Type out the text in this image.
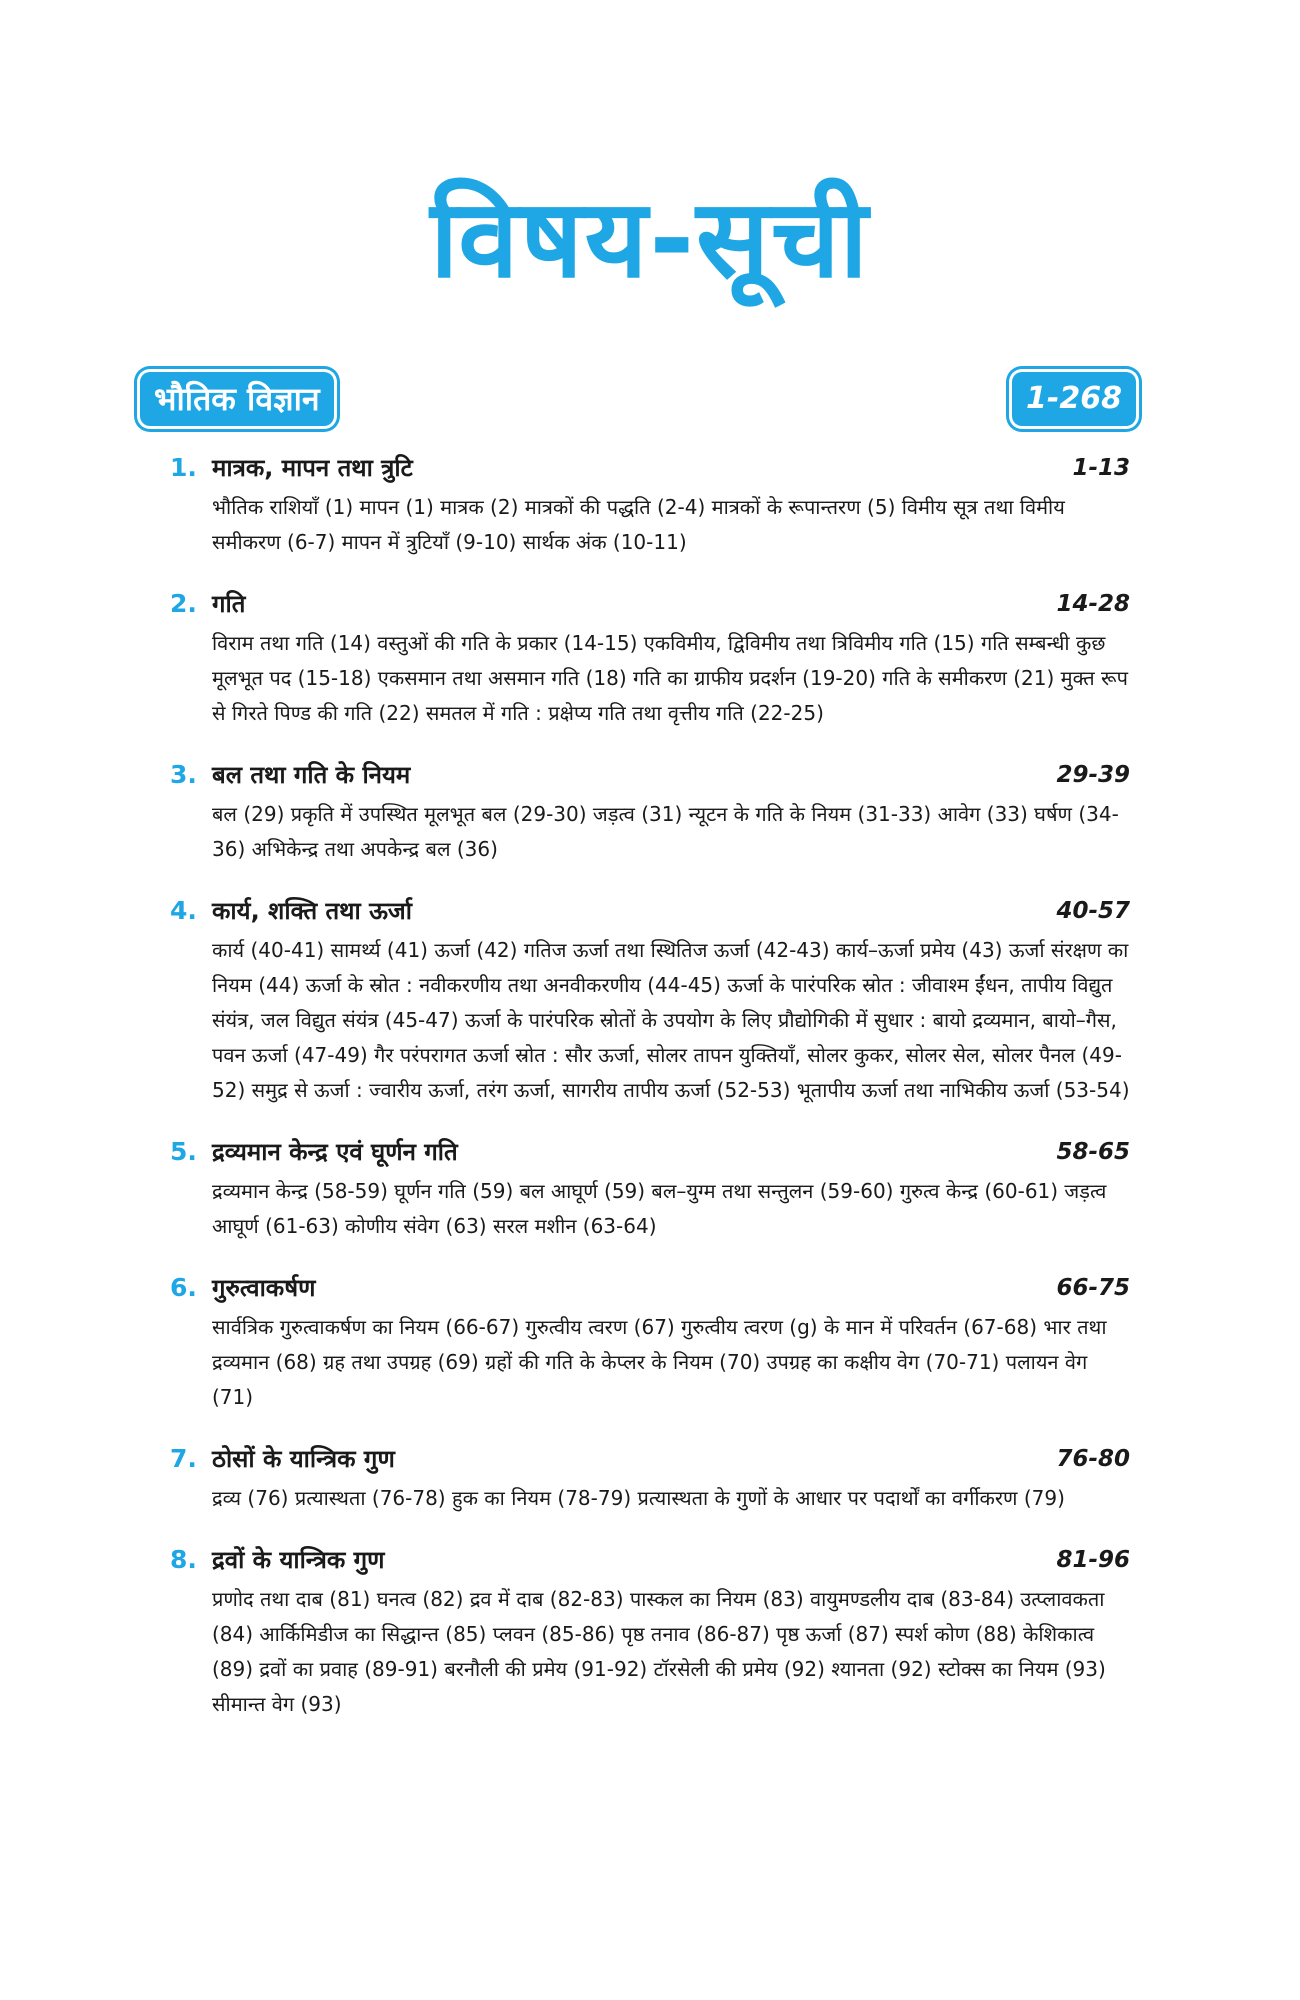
विषय-सूची
भौतिक विज्ञान	1-268
1. मात्रक, मापन तथा त्रुटि	1-13
भौतिक राशियाँ (1) मापन (1) मात्रक (2) मात्रकों की पद्धति (2-4) मात्रकों के रूपान्तरण (5) विमीय सूत्र तथा विमीय समीकरण (6-7) मापन में त्रुटियाँ (9-10) सार्थक अंक (10-11)
2. गति	14-28
विराम तथा गति (14) वस्तुओं की गति के प्रकार (14-15) एकविमीय, द्विविमीय तथा त्रिविमीय गति (15) गति सम्बन्धी कुछ मूलभूत पद (15-18) एकसमान तथा असमान गति (18) गति का ग्राफीय प्रदर्शन (19-20) गति के समीकरण (21) मुक्त रूप से गिरते पिण्ड की गति (22) समतल में गति : प्रक्षेप्य गति तथा वृत्तीय गति (22-25)
3. बल तथा गति के नियम	29-39
बल (29) प्रकृति में उपस्थित मूलभूत बल (29-30) जड़त्व (31) न्यूटन के गति के नियम (31-33) आवेग (33) घर्षण (34-36) अभिकेन्द्र तथा अपकेन्द्र बल (36)
4. कार्य, शक्ति तथा ऊर्जा	40-57
कार्य (40-41) सामर्थ्य (41) ऊर्जा (42) गतिज ऊर्जा तथा स्थितिज ऊर्जा (42-43) कार्य–ऊर्जा प्रमेय (43) ऊर्जा संरक्षण का नियम (44) ऊर्जा के स्रोत : नवीकरणीय तथा अनवीकरणीय (44-45) ऊर्जा के पारंपरिक स्रोत : जीवाश्म ईंधन, तापीय विद्युत संयंत्र, जल विद्युत संयंत्र (45-47) ऊर्जा के पारंपरिक स्रोतों के उपयोग के लिए प्रौद्योगिकी में सुधार : बायो द्रव्यमान, बायो–गैस, पवन ऊर्जा (47-49) गैर परंपरागत ऊर्जा स्रोत : सौर ऊर्जा, सोलर तापन युक्तियाँ, सोलर कुकर, सोलर सेल, सोलर पैनल (49-52) समुद्र से ऊर्जा : ज्वारीय ऊर्जा, तरंग ऊर्जा, सागरीय तापीय ऊर्जा (52-53) भूतापीय ऊर्जा तथा नाभिकीय ऊर्जा (53-54)
5. द्रव्यमान केन्द्र एवं घूर्णन गति	58-65
द्रव्यमान केन्द्र (58-59) घूर्णन गति (59) बल आघूर्ण (59) बल–युग्म तथा सन्तुलन (59-60) गुरुत्व केन्द्र (60-61) जड़त्व आघूर्ण (61-63) कोणीय संवेग (63) सरल मशीन (63-64)
6. गुरुत्वाकर्षण	66-75
सार्वत्रिक गुरुत्वाकर्षण का नियम (66-67) गुरुत्वीय त्वरण (67) गुरुत्वीय त्वरण (g) के मान में परिवर्तन (67-68) भार तथा द्रव्यमान (68) ग्रह तथा उपग्रह (69) ग्रहों की गति के केप्लर के नियम (70) उपग्रह का कक्षीय वेग (70-71) पलायन वेग (71)
7. ठोसों के यान्त्रिक गुण	76-80
द्रव्य (76) प्रत्यास्थता (76-78) हुक का नियम (78-79) प्रत्यास्थता के गुणों के आधार पर पदार्थों का वर्गीकरण (79)
8. द्रवों के यान्त्रिक गुण	81-96
प्रणोद तथा दाब (81) घनत्व (82) द्रव में दाब (82-83) पास्कल का नियम (83) वायुमण्डलीय दाब (83-84) उत्प्लावकता (84) आर्किमिडीज का सिद्धान्त (85) प्लवन (85-86) पृष्ठ तनाव (86-87) पृष्ठ ऊर्जा (87) स्पर्श कोण (88) केशिकात्व (89) द्रवों का प्रवाह (89-91) बरनौली की प्रमेय (91-92) टॉरसेली की प्रमेय (92) श्यानता (92) स्टोक्स का नियम (93) सीमान्त वेग (93)
